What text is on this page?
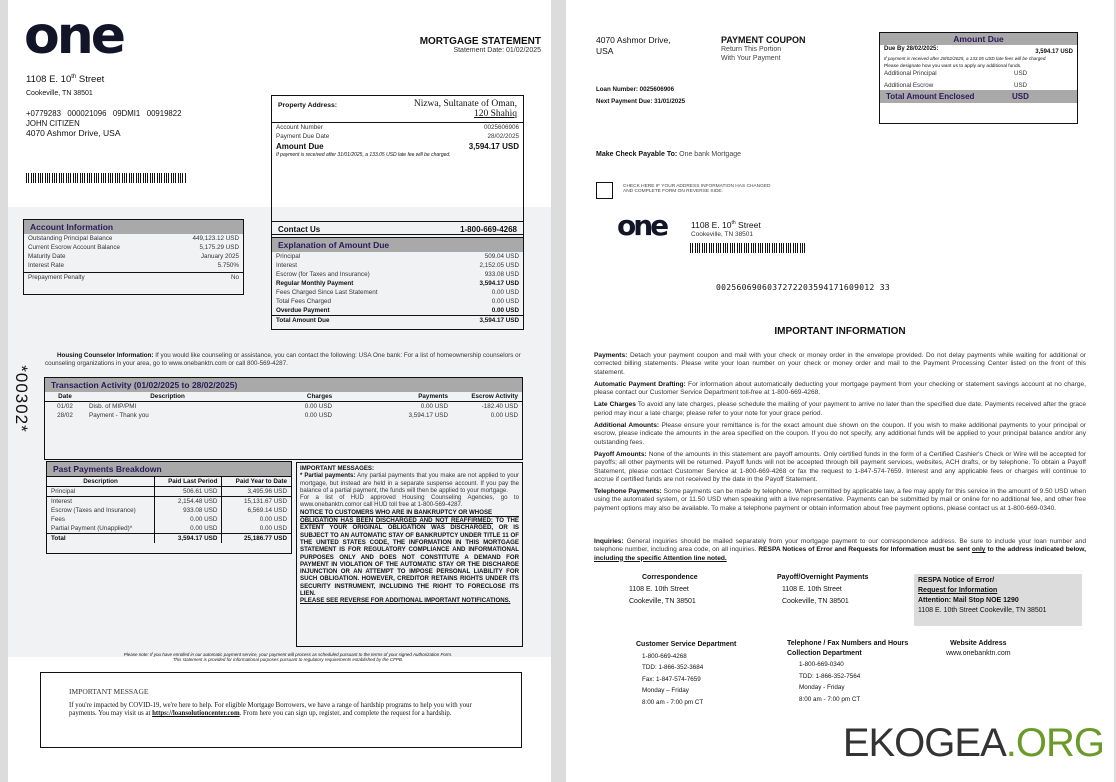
one
1108 E. 10th Street
Cookeville, TN 38501
+0779283   000021096   09DMI1   00919822
JOHN CITIZEN
4070 Ashmor Drive, USA
MORTGAGE STATEMENT
Statement Date: 01/02/2025
Property Address:	Nizwa, Sultanate of Oman,
120 Shahiq
Account Number	0025606906
Payment Due Date	28/02/2025
Amount Due	3,594.17 USD
If payment is received after 31/01/2025, a 133.05 USD late fee will be charged.
Contact Us	1-800-669-4268
Explanation of Amount Due
Principal	509.04 USD
Interest	2,152.05 USD
Escrow (for Taxes and Insurance)	933.08 USD
Regular Monthly Payment	3,594.17 USD
Fees Charged Since Last Statement	0.00 USD
Total Fees Charged	0.00 USD
Overdue Payment	0.00 USD
Total Amount Due	3,594.17 USD
Account Information
Outstanding Principal Balance	449,123.12 USD
Current Escrow Account Balance	5,175.29 USD
Maturity Date	January 2025
Interest Rate	5.750%
Prepayment Penalty	No
*00302*
Housing Counselor Information: If you would like counseling or assistance, you can contact the following: USA One bank: For a list of homeownership counselors or counseling organizations in your area, go to www.onebanktn.com or call 800-569-4287.
Transaction Activity (01/02/2025 to 28/02/2025)
Date	Description	Charges	Payments	Escrow Activity
01/02	Disb. of MIP/PMI	0.00 USD	0.00 USD	-182.40 USD
28/02	Payment - Thank you	0.00 USD	3,594.17 USD	0.00 USD
Past Payments Breakdown
Description	Paid Last Period	Paid Year to Date
Principal	506.61 USD	3,495.96 USD
Interest	2,154.48 USD	15,131.67 USD
Escrow (Taxes and Insurance)	933.08 USD	6,569.14 USD
Fees	0.00 USD	0.00 USD
Partial Payment (Unapplied)*	0.00 USD	0.00 USD
Total	3,594.17 USD	25,186.77 USD
IMPORTANT MESSAGES:
* Partial payments: Any partial payments that you make are not applied to your mortgage, but instead are held in a separate suspense account. If you pay the balance of a partial payment, the funds will then be applied to your mortgage.
For a list of HUD approved Housing Counseling Agencies, go to www.onebanktn.comor call HUD toll free at 1-800-569-4287.
NOTICE TO CUSTOMERS WHO ARE IN BANKRUPTCY OR WHOSE
OBLIGATION HAS BEEN DISCHARGED AND NOT REAFFIRMED: TO THE EXTENT YOUR ORIGINAL OBLIGATION WAS DISCHARGED, OR IS SUBJECT TO AN AUTOMATIC STAY OF BANKRUPTCY UNDER TITLE 11 OF THE UNITED STATES CODE, THE INFORMATION IN THIS MORTGAGE STATEMENT IS FOR REGULATORY COMPLIANCE AND INFORMATIONAL PURPOSES ONLY AND DOES NOT CONSTITUTE A DEMAND FOR PAYMENT IN VIOLATION OF THE AUTOMATIC STAY OR THE DISCHARGE INJUNCTION OR AN ATTEMPT TO IMPOSE PERSONAL LIABILITY FOR SUCH OBLIGATION. HOWEVER, CREDITOR RETAINS RIGHTS UNDER ITS SECURITY INSTRUMENT, INCLUDING THE RIGHT TO FORECLOSE ITS LIEN.
PLEASE SEE REVERSE FOR ADDITIONAL IMPORTANT NOTIFICATIONS.
Please note: If you have enrolled in our automatic payment service, your payment will process as scheduled pursuant to the terms of your signed Authorization Form.
This statement is provided for informational purposes pursuant to regulatory requirements established by the CFPB.
IMPORTANT MESSAGE
If you're impacted by COVID-19, we're here to help. For eligible Mortgage Borrowers, we have a range of hardship programs to help you with your payments. You may visit us at https://loansolutioncenter.com. From here you can sign up, register, and complete the request for a hardship.
4070 Ashmor Drive,
USA
PAYMENT COUPON
Return This Portion
With Your Payment
Loan Number: 0025606906
Next Payment Due: 31/01/2025
Amount Due
Due By 28/02/2025:	3,594.17 USD
If payment is received after 28/02/2025, a 133.05 USD late fees will be charged.
Please designate how you want us to apply any additional funds.
Additional Principal	USD
Additional Escrow	USD
Total Amount Enclosed	USD
Make Check Payable To: One bank Mortgage
CHECK HERE IF YOUR ADDRESS INFORMATION HAS CHANGED AND COMPLETE FORM ON REVERSE SIDE.
one	1108 E. 10th Street
Cookeville, TN 38501
0025606906037272203594171609012 33
IMPORTANT INFORMATION
Payments: Detach your payment coupon and mail with your check or money order in the envelope provided. Do not delay payments while waiting for additional or corrected billing statements. Please write your loan number on your check or money order and mail to the Payment Processing Center listed on the front of this statement.
Automatic Payment Drafting: For information about automatically deducting your mortgage payment from your checking or statement savings account at no charge, please contact our Customer Service Department toll-free at 1-800-669-4268.
Late Charges To avoid any late charges, please schedule the mailing of your payment to arrive no later than the specified due date. Payments received after the grace period may incur a late charge; please refer to your note for your grace period.
Additional Amounts: Please ensure your remittance is for the exact amount due shown on the coupon. If you wish to make additional payments to your principal or escrow, please indicate the amounts in the area specified on the coupon. If you do not specify, any additional funds will be applied to your principal balance and/or any outstanding fees.
Payoff Amounts: None of the amounts in this statement are payoff amounts. Only certified funds in the form of a Certified Cashier's Check or Wire will be accepted for payoffs; all other payments will be returned. Payoff funds will not be accepted through bill payment services, websites, ACH drafts, or by telephone. To obtain a Payoff Statement, please contact Customer Service at 1-800-669-4268 or fax the request to 1-847-574-7659. Interest and any applicable fees or charges will continue to accrue if certified funds are not received by the date in the Payoff Statement.
Telephone Payments: Some payments can be made by telephone. When permitted by applicable law, a fee may apply for this service in the amount of 9.50 USD when using the automated system, or 11.50 USD when speaking with a live representative. Payments can be submitted by mail or online for no additional fee, and other free payment options may also be available. To make a telephone payment or obtain information about free payment options, please contact us at 1-800-669-0340.
Inquiries: General inquiries should be mailed separately from your mortgage payment to our correspondence address. Be sure to include your loan number and telephone number, including area code, on all inquiries. RESPA Notices of Error and Requests for Information must be sent only to the address indicated below, including the specific Attention line noted.
Correspondence
1108 E. 10th Street
Cookeville, TN 38501
Payoff/Overnight Payments
1108 E. 10th Street
Cookeville, TN 38501
RESPA Notice of Error/
Request for Information
Attention: Mail Stop NOE 1290
1108 E. 10th Street Cookeville, TN 38501
Customer Service Department
1-800-669-4268
TDD: 1-866-352-3684
Fax: 1-847-574-7659
Monday – Friday
8:00 am - 7:00 pm CT
Telephone / Fax Numbers and Hours
Collection Department
1-800-669-0340
TDD: 1-866-352-7564
Monday - Friday
8:00 am - 7:00 pm CT
Website Address
www.onebanktn.com
EKOGEA.ORG
